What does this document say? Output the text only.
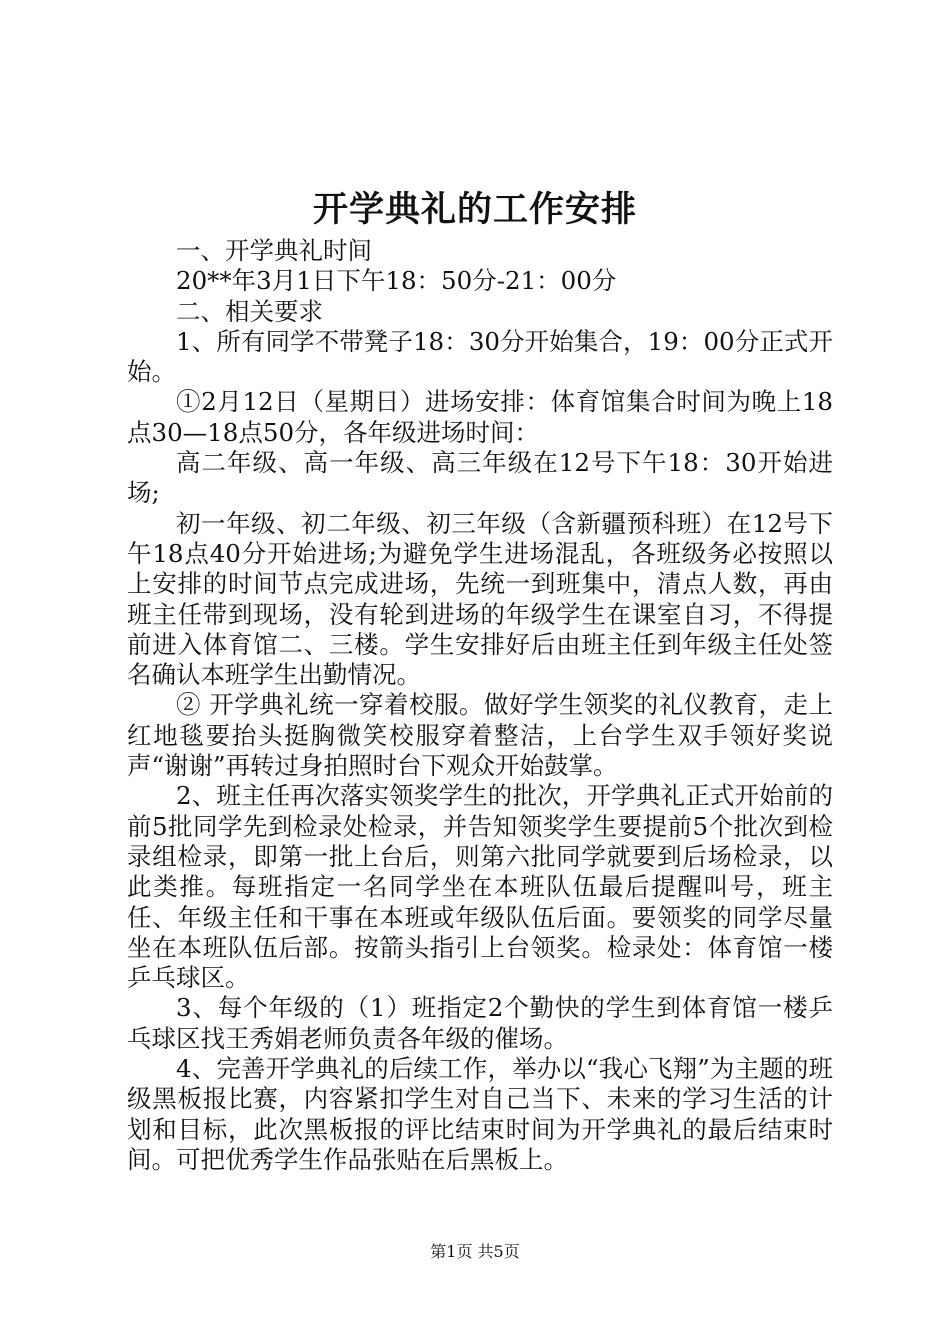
开学典礼的工作安排

一、开学典礼时间

20**年3月1日下午18：50分-21：00分

二、相关要求

1、所有同学不带凳子18：30分开始集合，19：00分正式开始。

①2月12日（星期日）进场安排：体育馆集合时间为晚上18点30—18点50分，各年级进场时间：

高二年级、高一年级、高三年级在12号下午18：30开始进场;

初一年级、初二年级、初三年级（含新疆预科班）在12号下午18点40分开始进场;为避免学生进场混乱，各班级务必按照以上安排的时间节点完成进场，先统一到班集中，清点人数，再由班主任带到现场，没有轮到进场的年级学生在课室自习，不得提前进入体育馆二、三楼。学生安排好后由班主任到年级主任处签名确认本班学生出勤情况。

② 开学典礼统一穿着校服。做好学生领奖的礼仪教育，走上红地毯要抬头挺胸微笑校服穿着整洁，上台学生双手领好奖说声“谢谢”再转过身拍照时台下观众开始鼓掌。

2、班主任再次落实领奖学生的批次，开学典礼正式开始前的前5批同学先到检录处检录，并告知领奖学生要提前5个批次到检录组检录，即第一批上台后，则第六批同学就要到后场检录，以此类推。每班指定一名同学坐在本班队伍最后提醒叫号，班主任、年级主任和干事在本班或年级队伍后面。要领奖的同学尽量坐在本班队伍后部。按箭头指引上台领奖。检录处：体育馆一楼乒乓球区。

3、每个年级的（1）班指定2个勤快的学生到体育馆一楼乒乓球区找王秀娟老师负责各年级的催场。

4、完善开学典礼的后续工作，举办以“我心飞翔”为主题的班级黑板报比赛，内容紧扣学生对自己当下、未来的学习生活的计划和目标，此次黑板报的评比结束时间为开学典礼的最后结束时间。可把优秀学生作品张贴在后黑板上。

第1页 共5页
